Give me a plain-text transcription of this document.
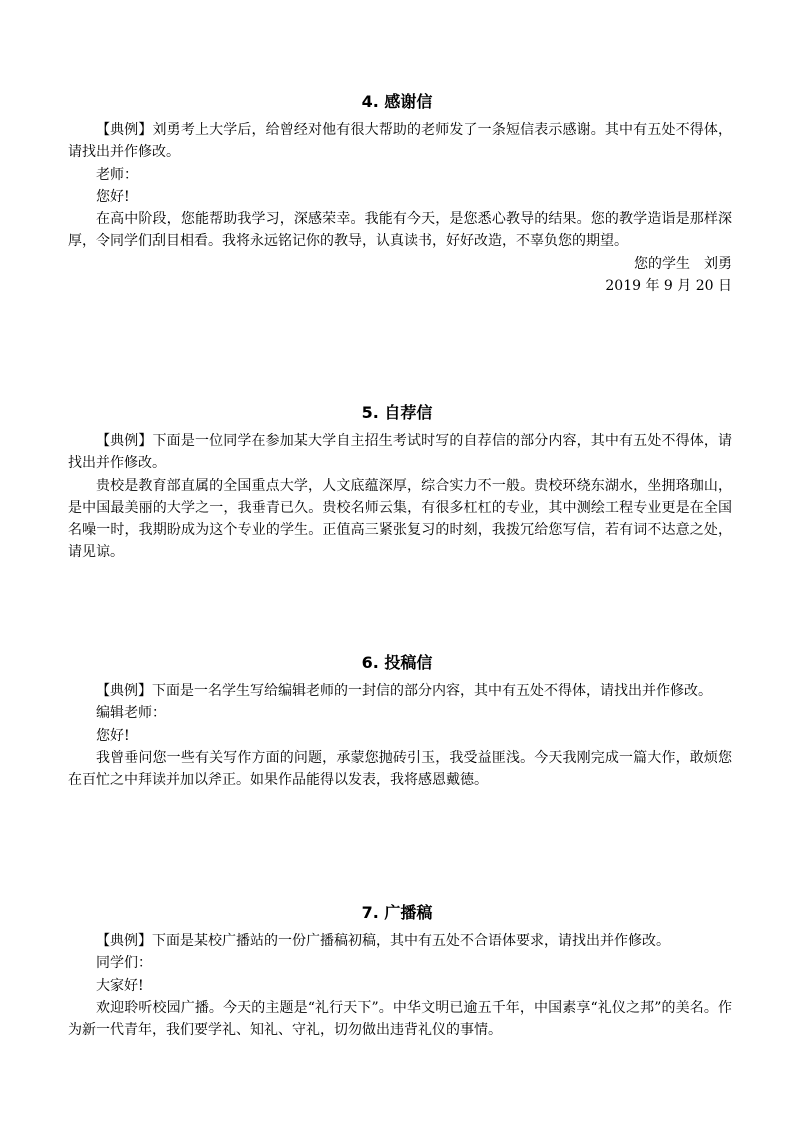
4. 感谢信
【典例】刘勇考上大学后，给曾经对他有很大帮助的老师发了一条短信表示感谢。其中有五处不得体，请找出并作修改。
老师：
您好!
在高中阶段，您能帮助我学习，深感荣幸。我能有今天，是您悉心教导的结果。您的教学造诣是那样深厚，令同学们刮目相看。我将永远铭记你的教导，认真读书，好好改造，不辜负您的期望。
您的学生　刘勇
2019 年 9 月 20 日
5. 自荐信
【典例】下面是一位同学在参加某大学自主招生考试时写的自荐信的部分内容，其中有五处不得体，请找出并作修改。
贵校是教育部直属的全国重点大学，人文底蕴深厚，综合实力不一般。贵校环绕东湖水，坐拥珞珈山，是中国最美丽的大学之一，我垂青已久。贵校名师云集，有很多杠杠的专业，其中测绘工程专业更是在全国名噪一时，我期盼成为这个专业的学生。正值高三紧张复习的时刻，我拨冗给您写信，若有词不达意之处，请见谅。
6. 投稿信
【典例】下面是一名学生写给编辑老师的一封信的部分内容，其中有五处不得体，请找出并作修改。
编辑老师：
您好!
我曾垂问您一些有关写作方面的问题，承蒙您抛砖引玉，我受益匪浅。今天我刚完成一篇大作，敢烦您在百忙之中拜读并加以斧正。如果作品能得以发表，我将感恩戴德。
7. 广播稿
【典例】下面是某校广播站的一份广播稿初稿，其中有五处不合语体要求，请找出并作修改。
同学们：
大家好!
欢迎聆听校园广播。今天的主题是“礼行天下”。中华文明已逾五千年，中国素享“礼仪之邦”的美名。作为新一代青年，我们要学礼、知礼、守礼，切勿做出违背礼仪的事情。
